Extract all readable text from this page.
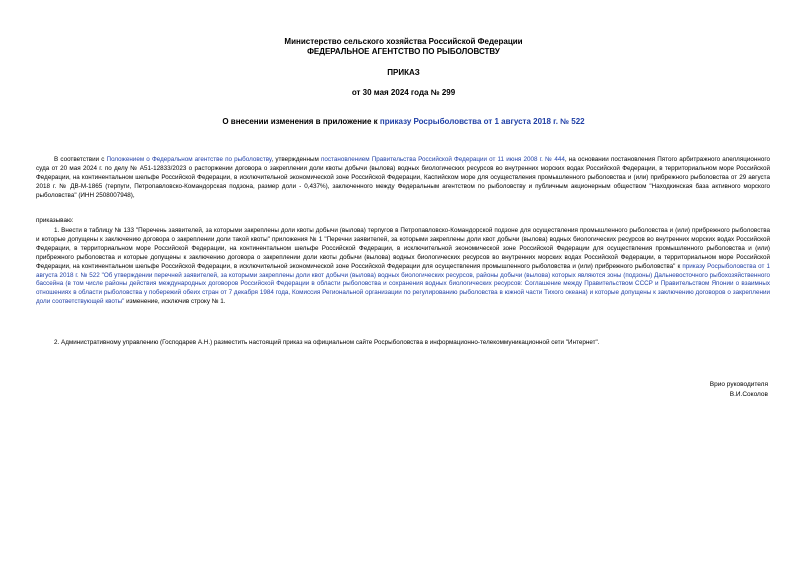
Министерство сельского хозяйства Российской Федерации
ФЕДЕРАЛЬНОЕ АГЕНТСТВО ПО РЫБОЛОВСТВУ
ПРИКАЗ
от 30 мая 2024 года № 299
О внесении изменения в приложение к приказу Росрыболовства от 1 августа 2018 г. № 522
В соответствии с Положением о Федеральном агентстве по рыболовству, утвержденным постановлением Правительства Российской Федерации от 11 июня 2008 г. № 444, на основании постановления Пятого арбитражного апелляционного суда от 20 мая 2024 г. по делу № А51-12833/2023 о расторжении договора о закреплении доли квоты добычи (вылова) водных биологических ресурсов во внутренних морских водах Российской Федерации, в территориальном море Российской Федерации, на континентальном шельфе Российской Федерации, в исключительной экономической зоне Российской Федерации, Каспийском море для осуществления промышленного рыболовства и (или) прибрежного рыболовства от 29 августа 2018 г. № ДВ-М-1865 (терпуги, Петропавловско-Командорская подзона, размер доли - 0,437%), заключенного между Федеральным агентством по рыболовству и публичным акционерным обществом "Находкинская база активного морского рыболовства" (ИНН 2508007948),
приказываю:
1. Внести в таблицу № 133 "Перечень заявителей, за которыми закреплены доли квоты добычи (вылова) терпугов в Петропавловско-Командорской подзоне для осуществления промышленного рыболовства и (или) прибрежного рыболовства и которые допущены к заключению договора о закреплении доли такой квоты" приложения № 1 "Перечни заявителей, за которыми закреплены доли квот добычи (вылова) водных биологических ресурсов во внутренних морских водах Российской Федерации, в территориальном море Российской Федерации, на континентальном шельфе Российской Федерации, в исключительной экономической зоне Российской Федерации для осуществления промышленного рыболовства и (или) прибрежного рыболовства и которые допущены к заключению договора о закреплении доли квоты добычи (вылова) водных биологических ресурсов во внутренних морских водах Российской Федерации, в территориальном море Российской Федерации, на континентальном шельфе Российской Федерации, в исключительной экономической зоне Российской Федерации для осуществления промышленного рыболовства и (или) прибрежного рыболовства" к приказу Росрыболовства от 1 августа 2018 г. № 522 "Об утверждении перечней заявителей, за которыми закреплены доли квот добычи (вылова) водных биологических ресурсов, районы добычи (вылова) которых являются зоны (подзоны) Дальневосточного рыбохозяйственного бассейна (в том числе районы действия международных договоров Российской Федерации в области рыболовства и сохранения водных биологических ресурсов: Соглашение между Правительством СССР и Правительством Японии о взаимных отношениях в области рыболовства у побережий обеих стран от 7 декабря 1984 года, Комиссия Региональной организации по регулированию рыболовства в южной части Тихого океана) и которые допущены к заключению договоров о закреплении доли соответствующей квоты" изменение, исключив строку № 1.
2. Административному управлению (Господарев А.Н.) разместить настоящий приказ на официальном сайте Росрыболовства в информационно-телекоммуникационной сети "Интернет".
Врио руководителя
В.И.Соколов
